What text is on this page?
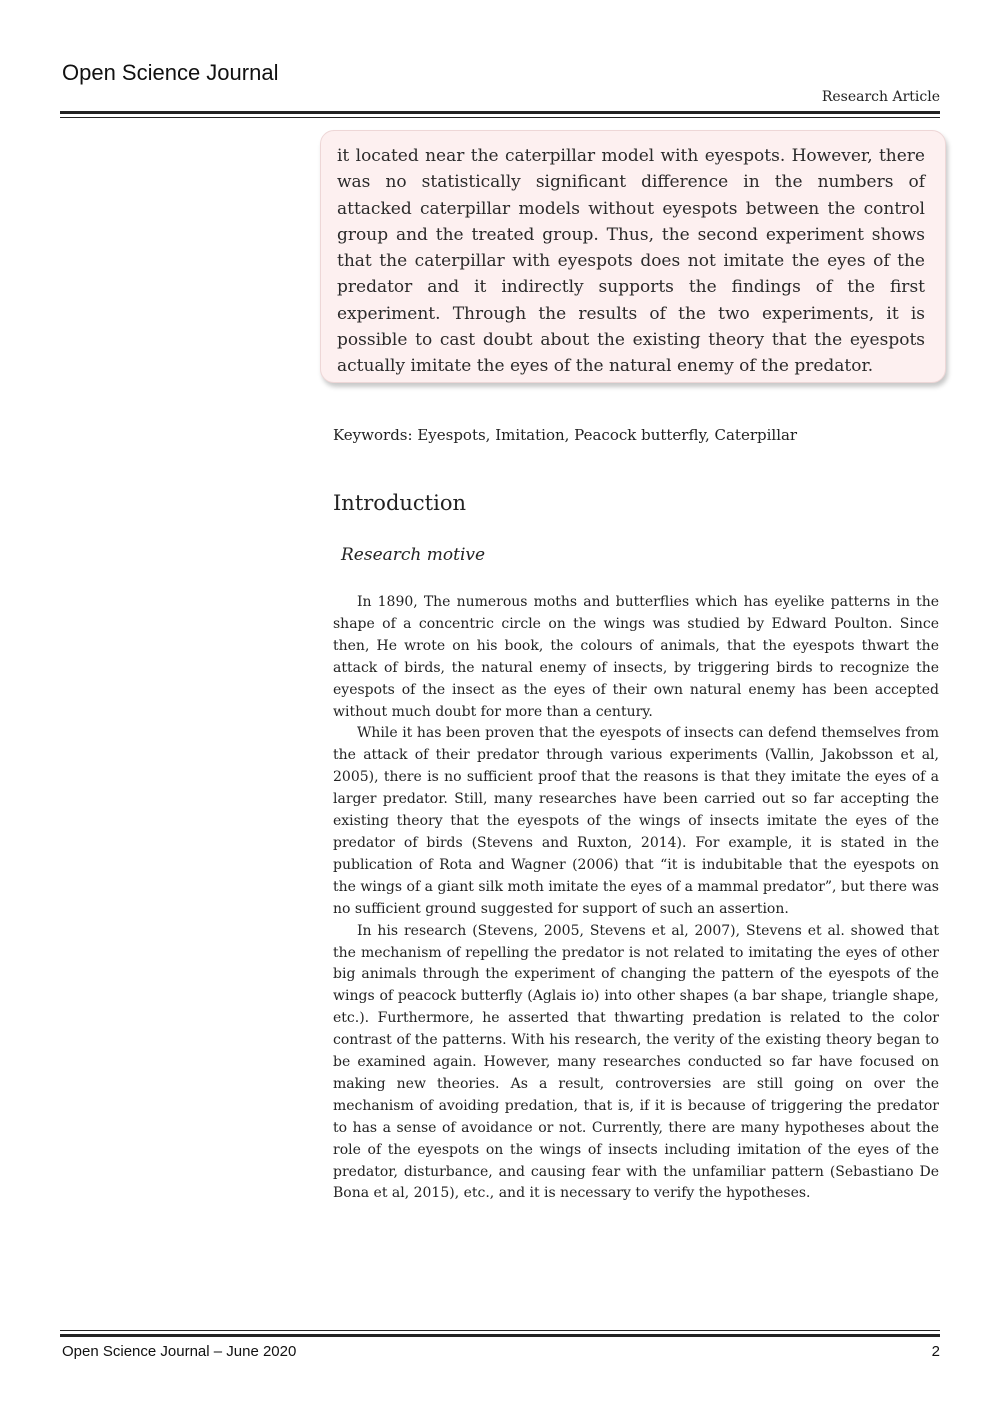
Open Science Journal
Research Article
it located near the caterpillar model with eyespots. However, there was no statistically significant difference in the numbers of attacked caterpillar models without eyespots between the control group and the treated group. Thus, the second experiment shows that the caterpillar with eyespots does not imitate the eyes of the predator and it indirectly supports the findings of the first experiment. Through the results of the two experiments, it is possible to cast doubt about the existing theory that the eyespots actually imitate the eyes of the natural enemy of the predator.
Keywords: Eyespots, Imitation, Peacock butterfly, Caterpillar
Introduction
Research motive

In 1890, The numerous moths and butterflies which has eyelike patterns in the shape of a concentric circle on the wings was studied by Edward Poulton. Since then, He wrote on his book, the colours of animals, that the eyespots thwart the attack of birds, the natural enemy of insects, by triggering birds to recognize the eyespots of the insect as the eyes of their own natural enemy has been accepted without much doubt for more than a century.

While it has been proven that the eyespots of insects can defend themselves from the attack of their predator through various experiments (Vallin, Jakobsson et al, 2005), there is no sufficient proof that the reasons is that they imitate the eyes of a larger predator. Still, many researches have been carried out so far accepting the existing theory that the eyespots of the wings of insects imitate the eyes of the predator of birds (Stevens and Ruxton, 2014). For example, it is stated in the publication of Rota and Wagner (2006) that “it is indubitable that the eyespots on the wings of a giant silk moth imitate the eyes of a mammal predator”, but there was no sufficient ground suggested for support of such an assertion.

In his research (Stevens, 2005, Stevens et al, 2007), Stevens et al. showed that the mechanism of repelling the predator is not related to imitating the eyes of other big animals through the experiment of changing the pattern of the eyespots of the wings of peacock butterfly (Aglais io) into other shapes (a bar shape, triangle shape, etc.). Furthermore, he asserted that thwarting predation is related to the color contrast of the patterns. With his research, the verity of the existing theory began to be examined again. However, many researches conducted so far have focused on making new theories. As a result, controversies are still going on over the mechanism of avoiding predation, that is, if it is because of triggering the predator to has a sense of avoidance or not. Currently, there are many hypotheses about the role of the eyespots on the wings of insects including imitation of the eyes of the predator, disturbance, and causing fear with the unfamiliar pattern (Sebastiano De Bona et al, 2015), etc., and it is necessary to verify the hypotheses.

Open Science Journal – June 2020	2
